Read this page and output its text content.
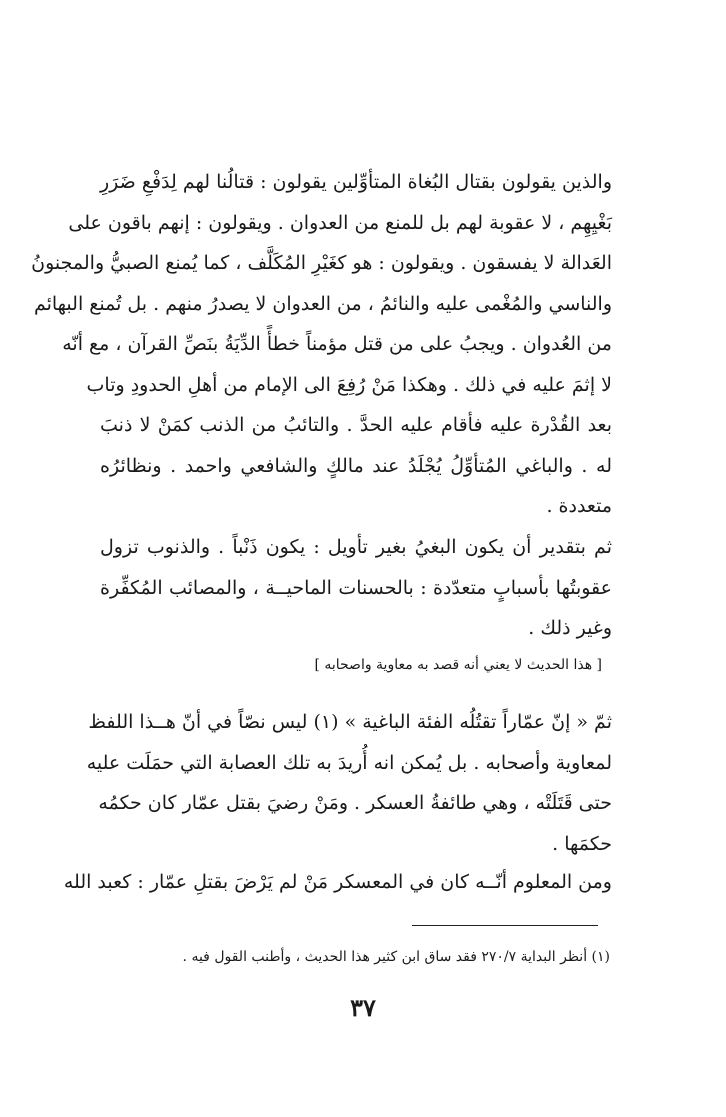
والذين يقولون بقتال البُغاة المتأوِّلين يقولون : قتالُنا لهم لِدَفْعِ ضَرَرِ
بَغْيِهِم ، لا عقوبة لهم بل للمنع من العدوان . ويقولون : إنهم باقون على
العَدالة لا يفسقون . ويقولون : هو كغَيْرِ المُكَلَّف ، كما يُمنع الصبيُّ والمجنونُ
والناسي والمُغْمى عليه والنائمُ ، من العدوان لا يصدرُ منهم . بل تُمنع البهائم
من العُدوان . ويجبُ على من قتل مؤمناً خطأً الدِّيَةُ بنَصِّ القرآن ، مع أنّه
لا إثمَ عليه في ذلك . وهكذا مَنْ رُفِعَ الى الإمام من أهلِ الحدودِ وتاب
بعد القُدْرة عليه فأقام عليه الحدَّ . والتائبُ من الذنب كمَنْ لا ذنبَ
له . والباغي المُتأوِّلُ يُجْلَدُ عند مالكٍ والشافعي واحمد . ونظائرُه
متعددة .
ثم بتقدير أن يكون البغيُ بغير تأويل : يكون ذَنْباً . والذنوب تزول
عقوبتُها بأسبابٍ متعدّدة : بالحسنات الماحيــة ، والمصائب المُكفِّرة
وغير ذلك .
[ هذا الحديث لا يعني أنه قصد به معاوية واصحابه ]
ثمّ « إنّ عمّاراً تقتُلُه الفئة الباغية » (١) ليس نصّاً في أنّ هــذا اللفظ
لمعاوية وأصحابه . بل يُمكن انه أُريدَ به تلك العصابة التي حمَلَت عليه
حتى قَتَلَتْه ، وهي طائفةُ العسكر . ومَنْ رضيَ بقتل عمّار كان حكمُه
حكمَها .
ومن المعلوم أنّــه كان في المعسكر مَنْ لم يَرْضَ بقتلِ عمّار : كعبد الله
(١) أنظر البداية ٢٧٠/٧ فقد ساق ابن كثير هذا الحديث ، وأطنب القول فيه .
٣٧
